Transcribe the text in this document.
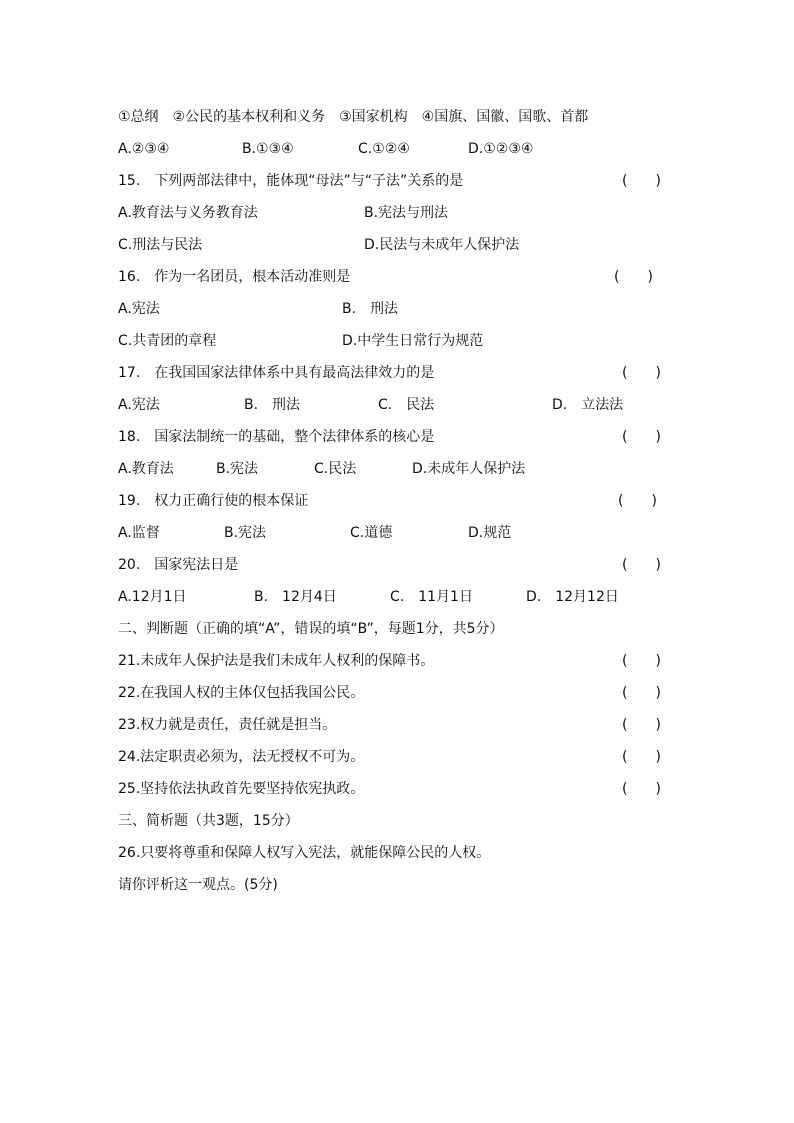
①总纲　②公民的基本权利和义务　③国家机构　④国旗、国徽、国歌、首都
A.②③④	B.①③④	C.①②④	D.①②③④
15.　下列两部法律中，能体现“母法”与“子法”关系的是	(　　)
A.教育法与义务教育法	B.宪法与刑法
C.刑法与民法	D.民法与未成年人保护法
16.　作为一名团员，根本活动准则是	(　　)
A.宪法	B.　刑法
C.共青团的章程	D.中学生日常行为规范
17.　在我国国家法律体系中具有最高法律效力的是	(　　)
A.宪法	B.　刑法	C.　民法	D.　立法法
18.　国家法制统一的基础，整个法律体系的核心是	(　　)
A.教育法	B.宪法	C.民法	D.未成年人保护法
19.　权力正确行使的根本保证	(　　)
A.监督	B.宪法	C.道德	D.规范
20.　国家宪法日是	(　　)
A.12月1日	B.　12月4日	C.　11月1日	D.　12月12日
二、判断题（正确的填“A”，错误的填“B”，每题1分，共5分）
21.未成年人保护法是我们未成年人权利的保障书。	(　　)
22.在我国人权的主体仅包括我国公民。	(　　)
23.权力就是责任，责任就是担当。	(　　)
24.法定职责必须为，法无授权不可为。	(　　)
25.坚持依法执政首先要坚持依宪执政。	(　　)
三、简析题（共3题，15分）
26.只要将尊重和保障人权写入宪法，就能保障公民的人权。
请你评析这一观点。(5分)
